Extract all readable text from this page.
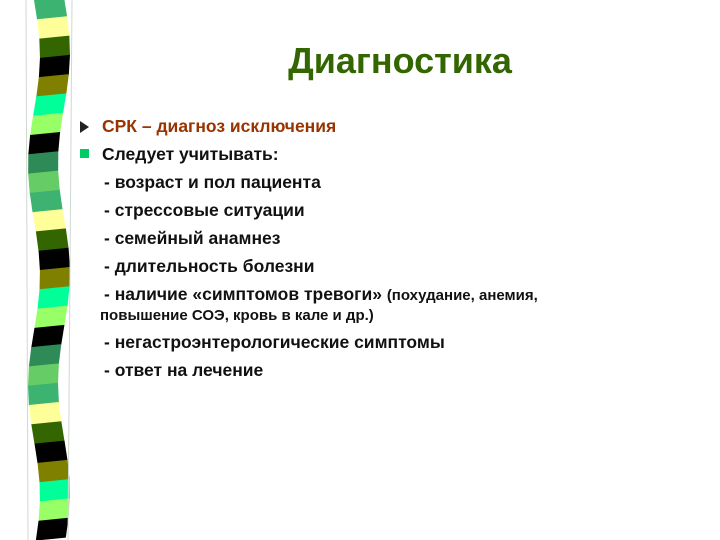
Диагностика
СРК – диагноз исключения
Следует учитывать:
- возраст и пол пациента
- стрессовые ситуации
- семейный анамнез
- длительность болезни
- наличие «симптомов тревоги» (похудание, анемия,
повышение СОЭ, кровь в кале и др.)
- негастроэнтерологические симптомы
- ответ на лечение
